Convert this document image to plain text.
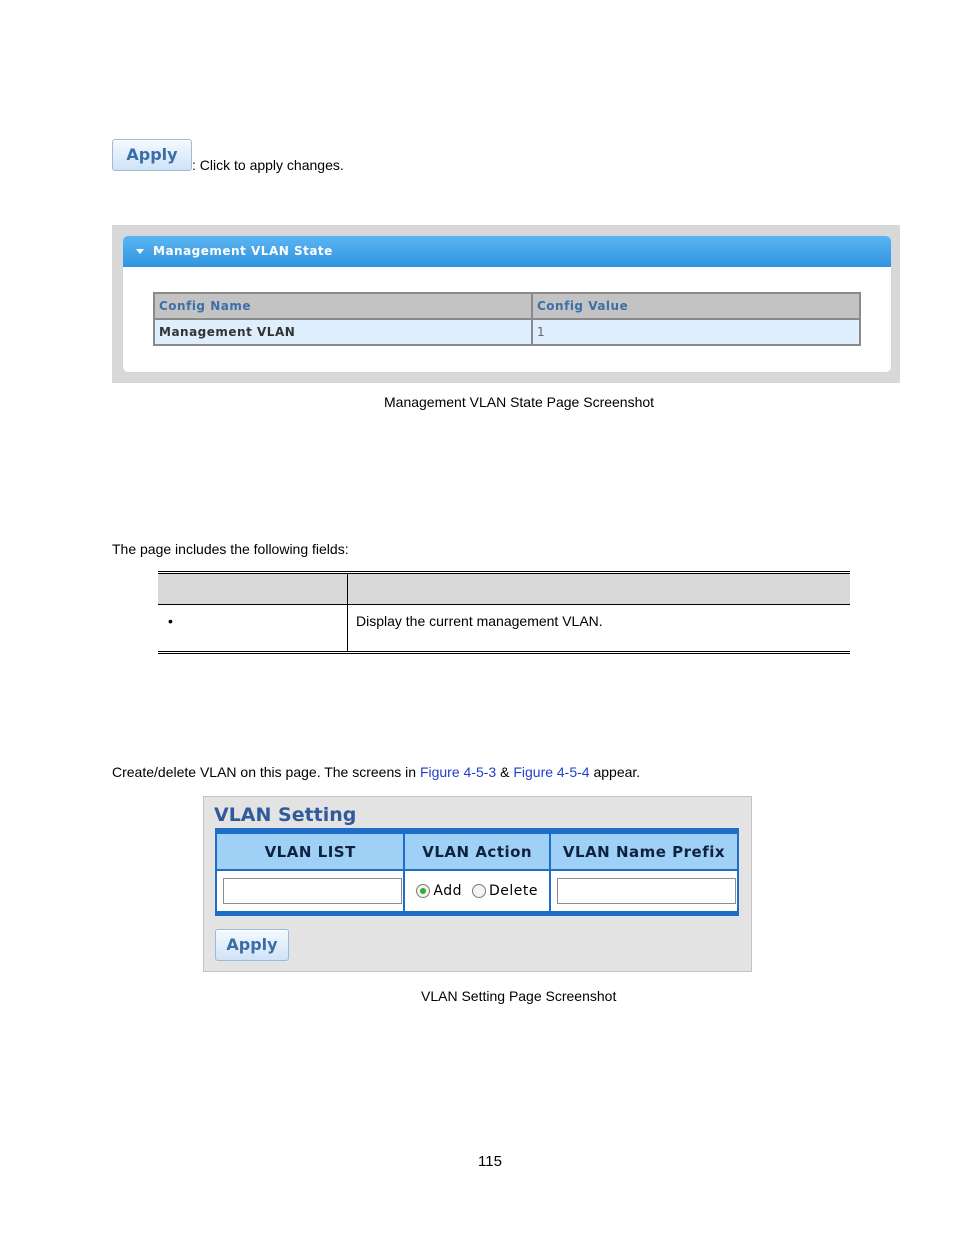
Apply
: Click to apply changes.
Management VLAN State
Config Name	Config Value
Management VLAN	1
Management VLAN State Page Screenshot
The page includes the following fields:

•	Display the current management VLAN.
Create/delete VLAN on this page. The screens in Figure 4-5-3 & Figure 4-5-4 appear.
VLAN Setting
VLAN LIST	VLAN Action	VLAN Name Prefix

	Add Delete	
Apply
VLAN Setting Page Screenshot
115
